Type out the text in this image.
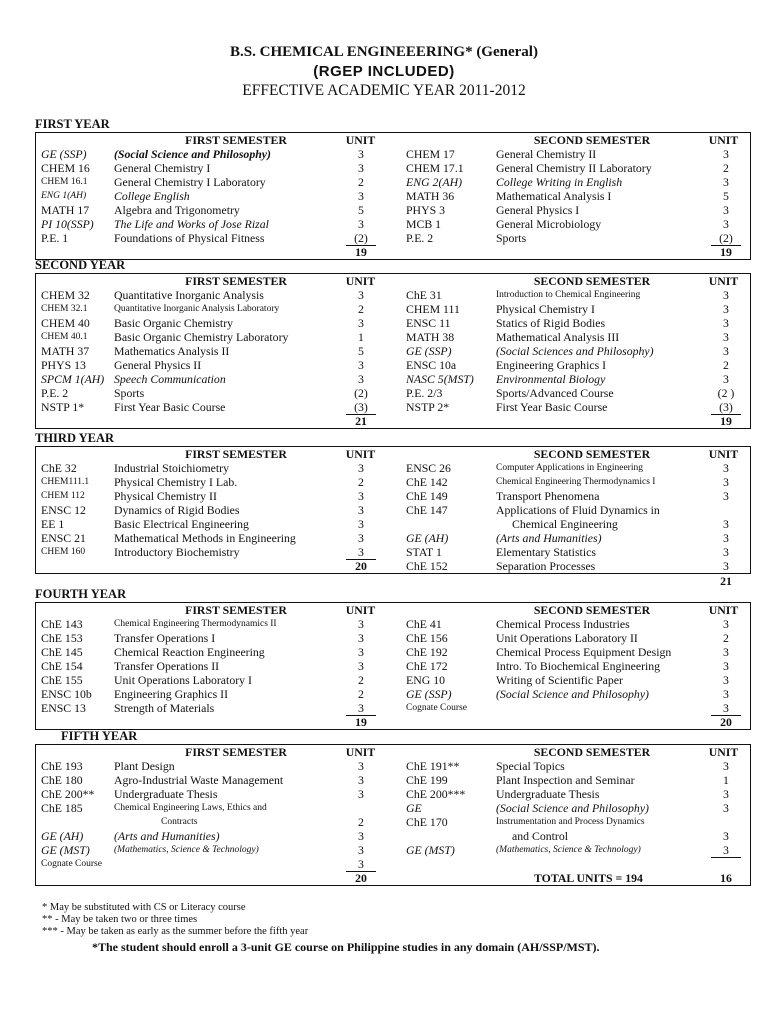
B.S. CHEMICAL ENGINEEERING* (General)
(RGEP INCLUDED)
EFFECTIVE ACADEMIC YEAR 2011-2012
FIRST YEAR
FIRST SEMESTER	UNIT	SECOND SEMESTER	UNIT
GE (SSP) (Social Science and Philosophy)	3	CHEM 17	General Chemistry II	3
CHEM 16 General Chemistry I	3	CHEM 17.1	General Chemistry II Laboratory	2
CHEM 16.1 General Chemistry I Laboratory	2	ENG 2(AH)	College Writing in English	3
ENG 1(AH) College English	3	MATH 36	Mathematical Analysis I	5
MATH 17 Algebra and Trigonometry	5	PHYS 3	General Physics I	3
PI 10(SSP) The Life and Works of Jose Rizal	3	MCB 1	General Microbiology	3
P.E. 1	Foundations of Physical Fitness	(2)	P.E. 2	Sports	(2)
19	19
SECOND YEAR
FIRST SEMESTER	UNIT	SECOND SEMESTER	UNIT
CHEM 32 Quantitative Inorganic Analysis	3	ChE 31	Introduction to Chemical Engineering	3
CHEM 32.1	Quantitative Inorganic Analysis Laboratory	2	CHEM 111	Physical Chemistry I	3
CHEM 40 Basic Organic Chemistry	3	ENSC 11	Statics of Rigid Bodies	3
CHEM 40.1 Basic Organic Chemistry Laboratory	1	MATH 38	Mathematical Analysis III	3
MATH 37 Mathematics Analysis II	5	GE (SSP)	(Social Sciences and Philosophy)	3
PHYS 13 General Physics II	3	ENSC 10a	Engineering Graphics I	2
SPCM 1(AH) Speech Communication	3	NASC 5(MST) Environmental Biology	3
P.E. 2	Sports	(2)	P.E. 2/3	Sports/Advanced Course	(2 )
NSTP 1*	First Year Basic Course	(3)	NSTP 2*	First Year Basic Course	(3)
21	19
THIRD YEAR
FIRST SEMESTER	UNIT	SECOND SEMESTER	UNIT
ChE 32	Industrial Stoichiometry	3	ENSC 26	Computer Applications in Engineering	3
CHEM111.1 Physical Chemistry I Lab.	2	ChE 142	Chemical Engineering Thermodynamics I	3
CHEM 112 Physical Chemistry II	3	ChE 149	Transport Phenomena	3
ENSC 12 Dynamics of Rigid Bodies	3	ChE 147	Applications of Fluid Dynamics in
EE 1	Basic Electrical Engineering	3	Chemical Engineering	3
ENSC 21 Mathematical Methods in Engineering	3	GE (AH)	(Arts and Humanities)	3
CHEM 160 Introductory Biochemistry	3	STAT 1	Elementary Statistics	3
20	ChE 152	Separation Processes	3
21
FOURTH YEAR
FIRST SEMESTER	UNIT	SECOND SEMESTER	UNIT
ChE 143	Chemical Engineering Thermodynamics II	3	ChE 41	Chemical Process Industries	3
ChE 153	Transfer Operations I	3	ChE 156	Unit Operations Laboratory II	2
ChE 145	Chemical Reaction Engineering	3	ChE 192	Chemical Process Equipment Design	3
ChE 154	Transfer Operations II	3	ChE 172	Intro. To Biochemical Engineering	3
ChE 155	Unit Operations Laboratory I	2	ENG 10	Writing of Scientific Paper	3
ENSC 10b Engineering Graphics II	2	GE (SSP)	(Social Science and Philosophy)	3
ENSC 13 Strength of Materials	3	Cognate Course	3
19	20
FIFTH YEAR
FIRST SEMESTER	UNIT	SECOND SEMESTER	UNIT
ChE 193	Plant Design	3	ChE 191**	Special Topics	3
ChE 180	Agro-Industrial Waste Management	3	ChE 199	Plant Inspection and Seminar	1
ChE 200** Undergraduate Thesis	3	ChE 200***	Undergraduate Thesis	3
ChE 185	Chemical Engineering Laws, Ethics and	GE	(Social Science and Philosophy)	3
Contracts	2	ChE 170	Instrumentation and Process Dynamics
GE (AH)	(Arts and Humanities)	3	and Control	3
GE (MST)	(Mathematics, Science & Technology)	3	GE (MST)	(Mathematics, Science & Technology)	3
Cognate Course	3
20	TOTAL UNITS = 194	16
* May be substituted with CS or Literacy course
** - May be taken two or three times
*** - May be taken as early as the summer before the fifth year
*The student should enroll a 3-unit GE course on Philippine studies in any domain (AH/SSP/MST).
